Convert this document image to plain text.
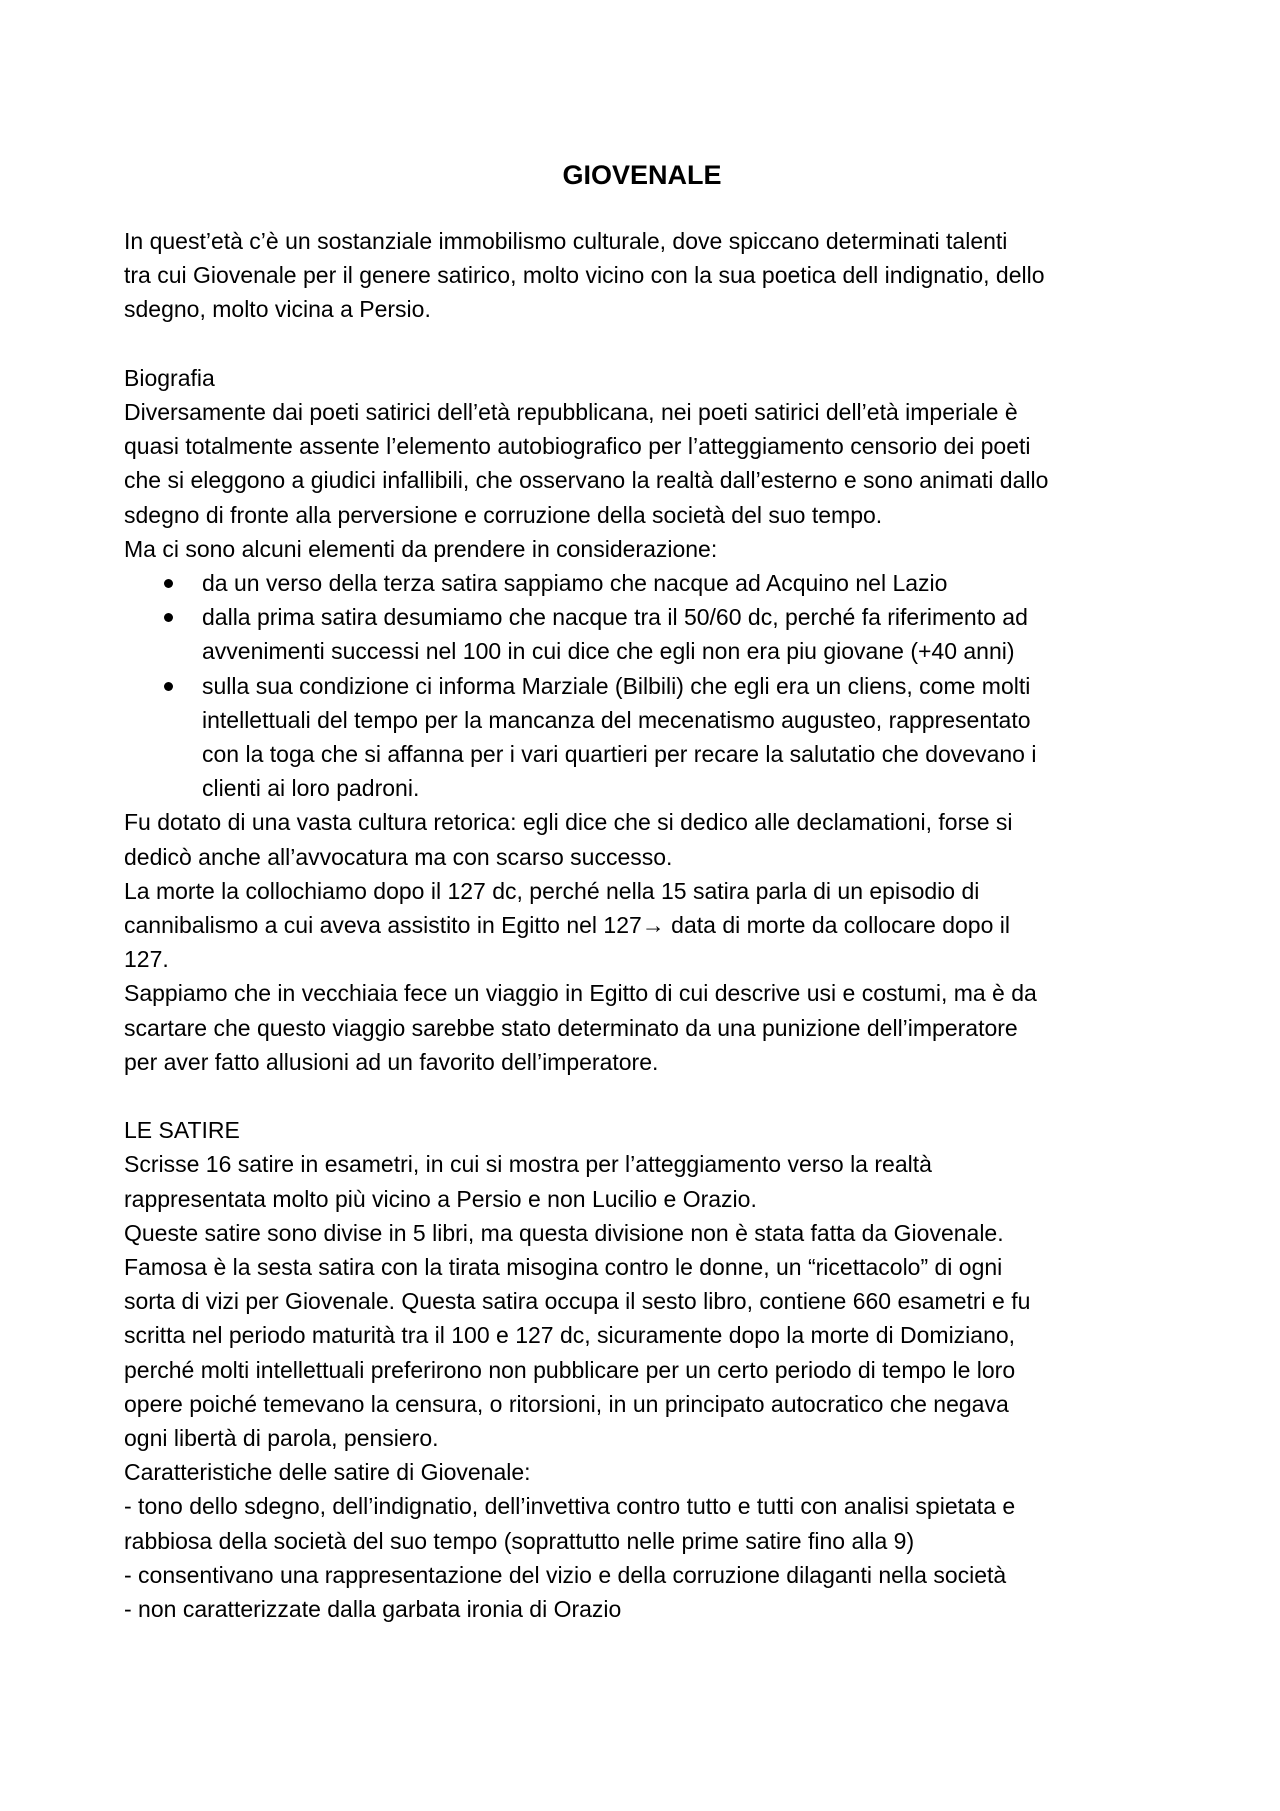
GIOVENALE

In quest’età c’è un sostanziale immobilismo culturale, dove spiccano determinati talenti

tra cui Giovenale per il genere satirico, molto vicino con la sua poetica dell indignatio, dello

sdegno, molto vicina a Persio.

Biografia

Diversamente dai poeti satirici dell’età repubblicana, nei poeti satirici dell’età imperiale è

quasi totalmente assente l’elemento autobiografico per l’atteggiamento censorio dei poeti

che si eleggono a giudici infallibili, che osservano la realtà dall’esterno e sono animati dallo

sdegno di fronte alla perversione e corruzione della società del suo tempo.

Ma ci sono alcuni elementi da prendere in considerazione:

da un verso della terza satira sappiamo che nacque ad Acquino nel Lazio

dalla prima satira desumiamo che nacque tra il 50/60 dc, perché fa riferimento ad

avvenimenti successi nel 100 in cui dice che egli non era piu giovane (+40 anni)

sulla sua condizione ci informa Marziale (Bilbili) che egli era un cliens, come molti

intellettuali del tempo per la mancanza del mecenatismo augusteo, rappresentato

con la toga che si affanna per i vari quartieri per recare la salutatio che dovevano i

clienti ai loro padroni.

Fu dotato di una vasta cultura retorica: egli dice che si dedico alle declamationi, forse si

dedicò anche all’avvocatura ma con scarso successo.

La morte la collochiamo dopo il 127 dc, perché nella 15 satira parla di un episodio di

cannibalismo a cui aveva assistito in Egitto nel 127→ data di morte da collocare dopo il

127.

Sappiamo che in vecchiaia fece un viaggio in Egitto di cui descrive usi e costumi, ma è da

scartare che questo viaggio sarebbe stato determinato da una punizione dell’imperatore

per aver fatto allusioni ad un favorito dell’imperatore.

LE SATIRE

Scrisse 16 satire in esametri, in cui si mostra per l’atteggiamento verso la realtà

rappresentata molto più vicino a Persio e non Lucilio e Orazio.

Queste satire sono divise in 5 libri, ma questa divisione non è stata fatta da Giovenale.

Famosa è la sesta satira con la tirata misogina contro le donne, un “ricettacolo” di ogni

sorta di vizi per Giovenale. Questa satira occupa il sesto libro, contiene 660 esametri e fu

scritta nel periodo maturità tra il 100 e 127 dc, sicuramente dopo la morte di Domiziano,

perché molti intellettuali preferirono non pubblicare per un certo periodo di tempo le loro

opere poiché temevano la censura, o ritorsioni, in un principato autocratico che negava

ogni libertà di parola, pensiero.

Caratteristiche delle satire di Giovenale:

- tono dello sdegno, dell’indignatio, dell’invettiva contro tutto e tutti con analisi spietata e

rabbiosa della società del suo tempo (soprattutto nelle prime satire fino alla 9)

- consentivano una rappresentazione del vizio e della corruzione dilaganti nella società

- non caratterizzate dalla garbata ironia di Orazio
